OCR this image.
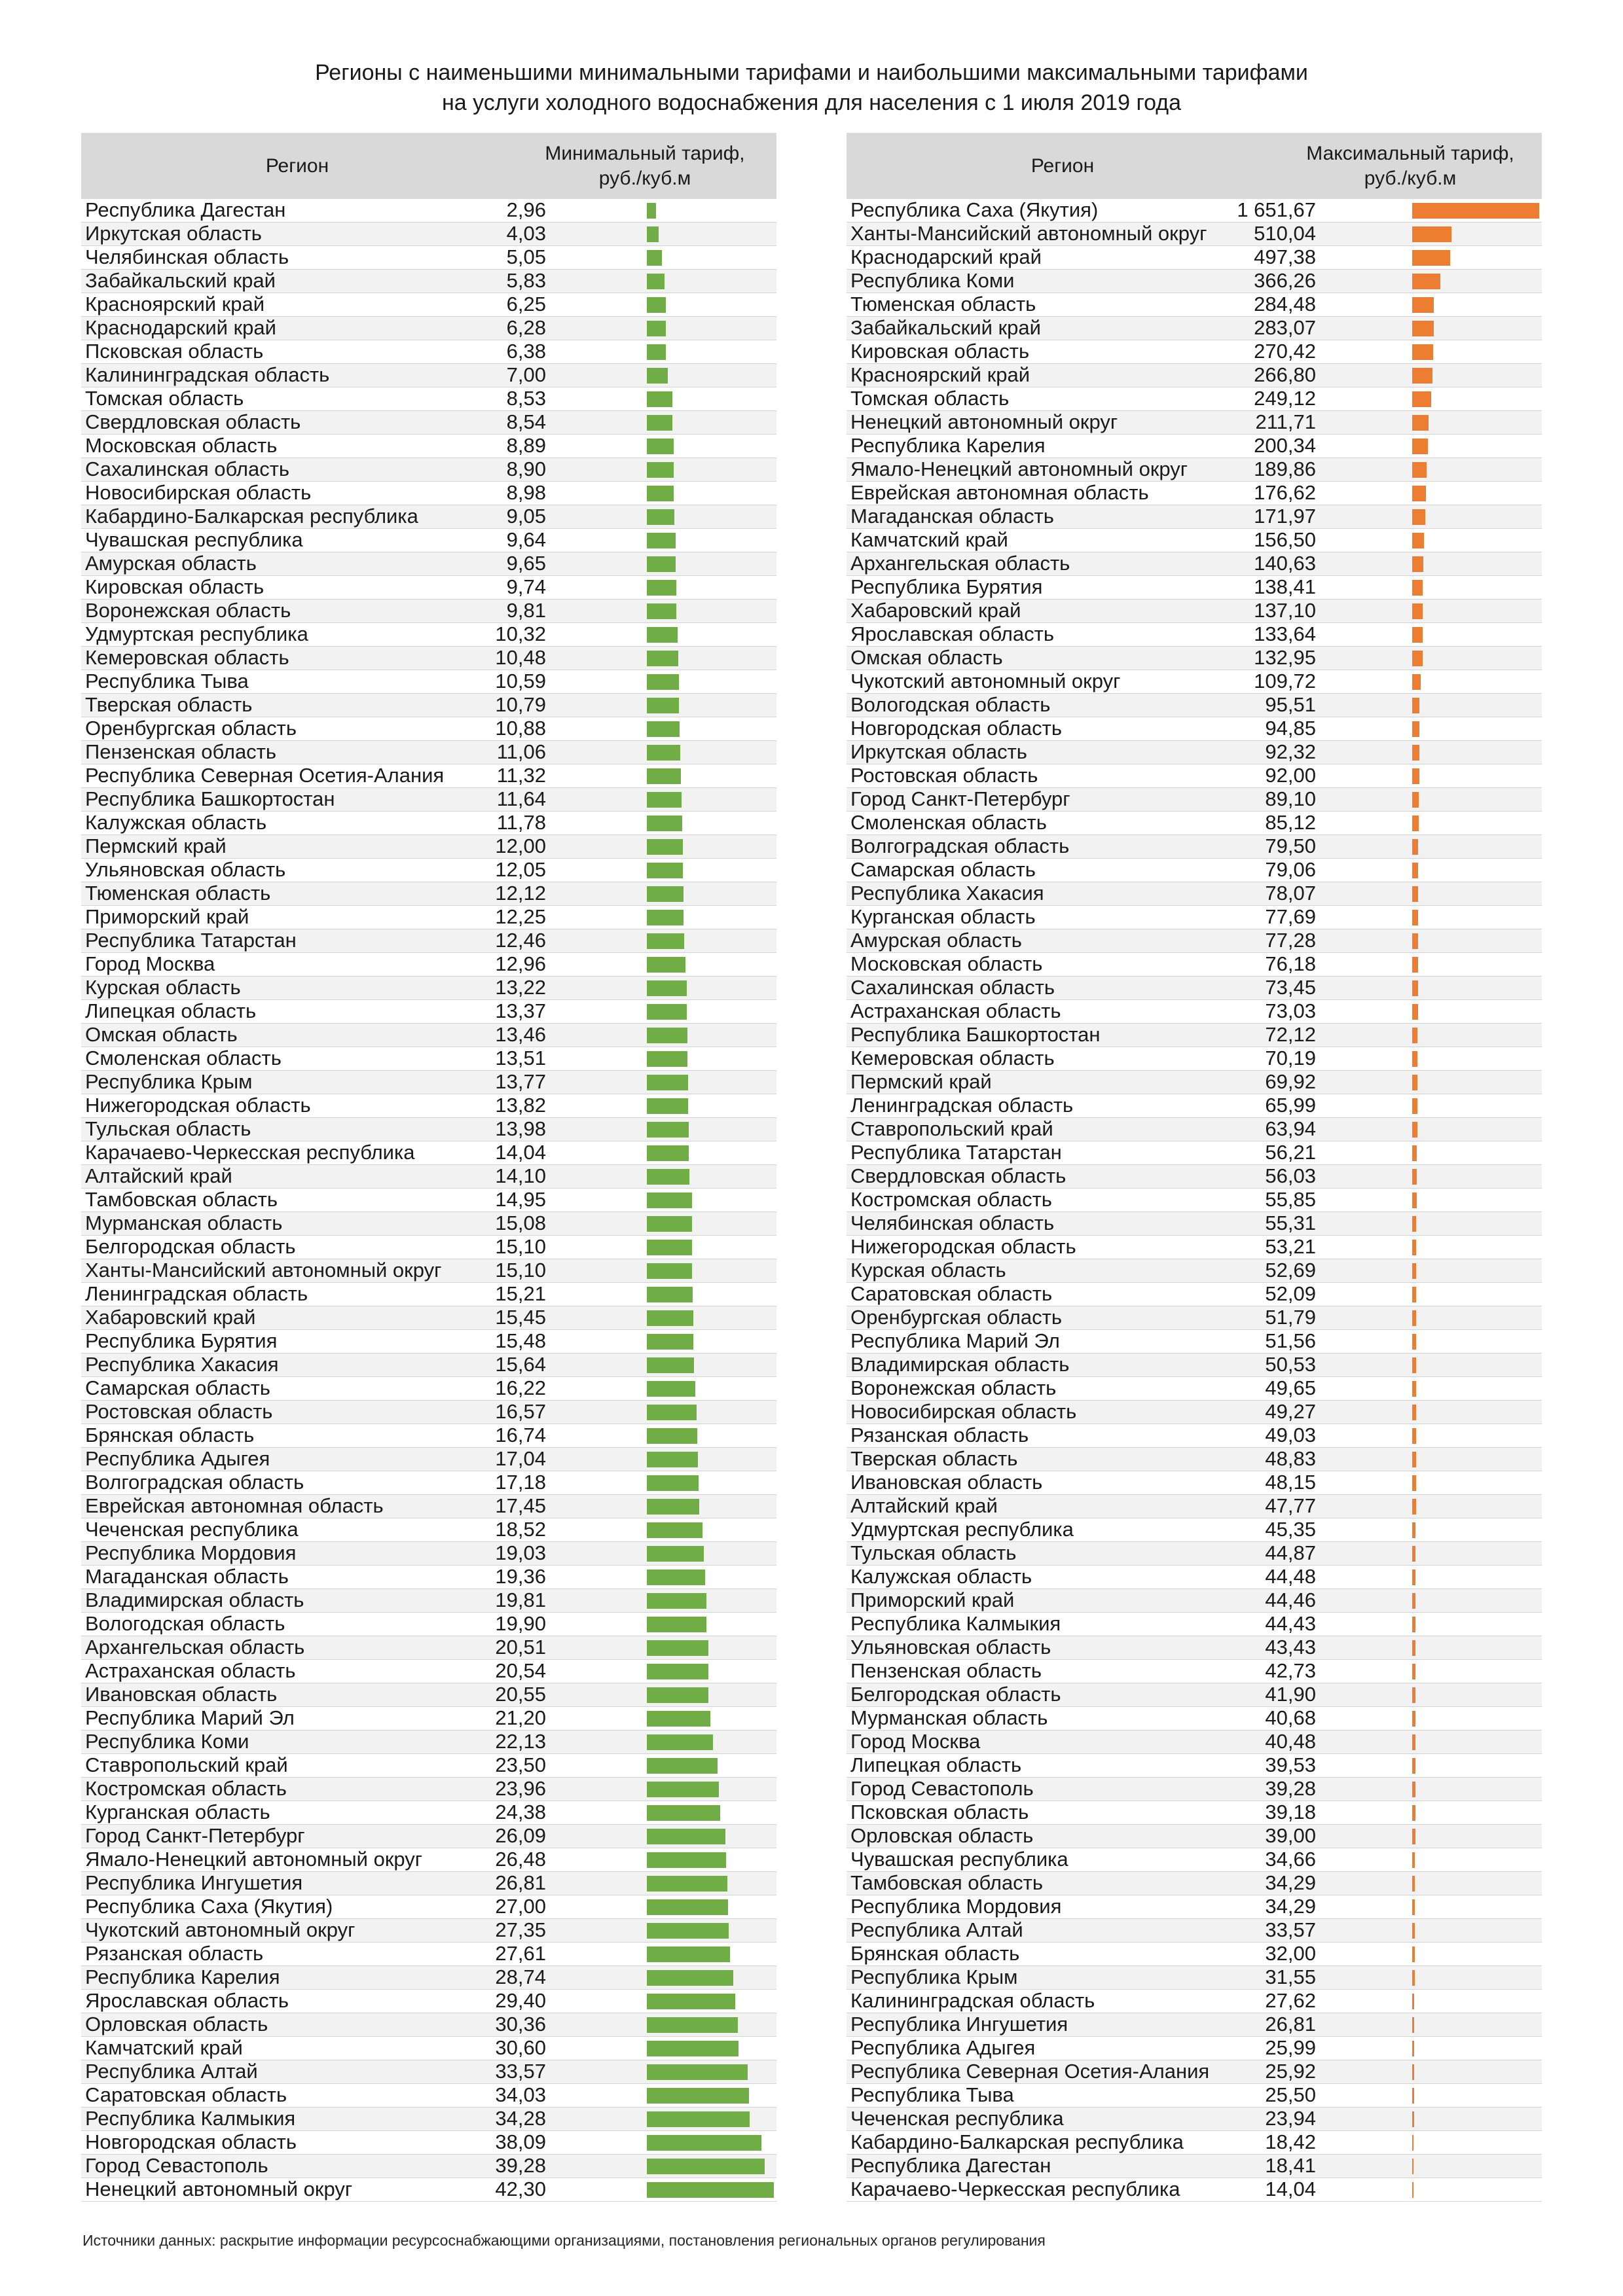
Регионы с наименьшими минимальными тарифами и наибольшими максимальными тарифами
на услуги холодного водоснабжения для населения с 1 июля 2019 года
Регион
Минимальный тариф,
руб./куб.м
Республика Дагестан	2,96
Иркутская область	4,03
Челябинская область	5,05
Забайкальский край	5,83
Красноярский край	6,25
Краснодарский край	6,28
Псковская область	6,38
Калининградская область	7,00
Томская область	8,53
Свердловская область	8,54
Московская область	8,89
Сахалинская область	8,90
Новосибирская область	8,98
Кабардино-Балкарская республика	9,05
Чувашская республика	9,64
Амурская область	9,65
Кировская область	9,74
Воронежская область	9,81
Удмуртская республика	10,32
Кемеровская область	10,48
Республика Тыва	10,59
Тверская область	10,79
Оренбургская область	10,88
Пензенская область	11,06
Республика Северная Осетия-Алания	11,32
Республика Башкортостан	11,64
Калужская область	11,78
Пермский край	12,00
Ульяновская область	12,05
Тюменская область	12,12
Приморский край	12,25
Республика Татарстан	12,46
Город Москва	12,96
Курская область	13,22
Липецкая область	13,37
Омская область	13,46
Смоленская область	13,51
Республика Крым	13,77
Нижегородская область	13,82
Тульская область	13,98
Карачаево-Черкесская республика	14,04
Алтайский край	14,10
Тамбовская область	14,95
Мурманская область	15,08
Белгородская область	15,10
Ханты-Мансийский автономный округ	15,10
Ленинградская область	15,21
Хабаровский край	15,45
Республика Бурятия	15,48
Республика Хакасия	15,64
Самарская область	16,22
Ростовская область	16,57
Брянская область	16,74
Республика Адыгея	17,04
Волгоградская область	17,18
Еврейская автономная область	17,45
Чеченская республика	18,52
Республика Мордовия	19,03
Магаданская область	19,36
Владимирская область	19,81
Вологодская область	19,90
Архангельская область	20,51
Астраханская область	20,54
Ивановская область	20,55
Республика Марий Эл	21,20
Республика Коми	22,13
Ставропольский край	23,50
Костромская область	23,96
Курганская область	24,38
Город Санкт-Петербург	26,09
Ямало-Ненецкий автономный округ	26,48
Республика Ингушетия	26,81
Республика Саха (Якутия)	27,00
Чукотский автономный округ	27,35
Рязанская область	27,61
Республика Карелия	28,74
Ярославская область	29,40
Орловская область	30,36
Камчатский край	30,60
Республика Алтай	33,57
Саратовская область	34,03
Республика Калмыкия	34,28
Новгородская область	38,09
Город Севастополь	39,28
Ненецкий автономный округ	42,30
Регион
Максимальный тариф,
руб./куб.м
Республика Саха (Якутия)	1 651,67
Ханты-Мансийский автономный округ 510,04
Краснодарский край	497,38
Республика Коми	366,26
Тюменская область	284,48
Забайкальский край	283,07
Кировская область	270,42
Красноярский край	266,80
Томская область	249,12
Ненецкий автономный округ	211,71
Республика Карелия	200,34
Ямало-Ненецкий автономный округ	189,86
Еврейская автономная область	176,62
Магаданская область	171,97
Камчатский край	156,50
Архангельская область	140,63
Республика Бурятия	138,41
Хабаровский край	137,10
Ярославская область	133,64
Омская область	132,95
Чукотский автономный округ	109,72
Вологодская область	95,51
Новгородская область	94,85
Иркутская область	92,32
Ростовская область	92,00
Город Санкт-Петербург	89,10
Смоленская область	85,12
Волгоградская область	79,50
Самарская область	79,06
Республика Хакасия	78,07
Курганская область	77,69
Амурская область	77,28
Московская область	76,18
Сахалинская область	73,45
Астраханская область	73,03
Республика Башкортостан	72,12
Кемеровская область	70,19
Пермский край	69,92
Ленинградская область	65,99
Ставропольский край	63,94
Республика Татарстан	56,21
Свердловская область	56,03
Костромская область	55,85
Челябинская область	55,31
Нижегородская область	53,21
Курская область	52,69
Саратовская область	52,09
Оренбургская область	51,79
Республика Марий Эл	51,56
Владимирская область	50,53
Воронежская область	49,65
Новосибирская область	49,27
Рязанская область	49,03
Тверская область	48,83
Ивановская область	48,15
Алтайский край	47,77
Удмуртская республика	45,35
Тульская область	44,87
Калужская область	44,48
Приморский край	44,46
Республика Калмыкия	44,43
Ульяновская область	43,43
Пензенская область	42,73
Белгородская область	41,90
Мурманская область	40,68
Город Москва	40,48
Липецкая область	39,53
Город Севастополь	39,28
Псковская область	39,18
Орловская область	39,00
Чувашская республика	34,66
Тамбовская область	34,29
Республика Мордовия	34,29
Республика Алтай	33,57
Брянская область	32,00
Республика Крым	31,55
Калининградская область	27,62
Республика Ингушетия	26,81
Республика Адыгея	25,99
Республика Северная Осетия-Алания	25,92
Республика Тыва	25,50
Чеченская республика	23,94
Кабардино-Балкарская республика	18,42
Республика Дагестан	18,41
Карачаево-Черкесская республика	14,04
Источники данных: раскрытие информации ресурсоснабжающими организациями, постановления региональных органов регулирования
